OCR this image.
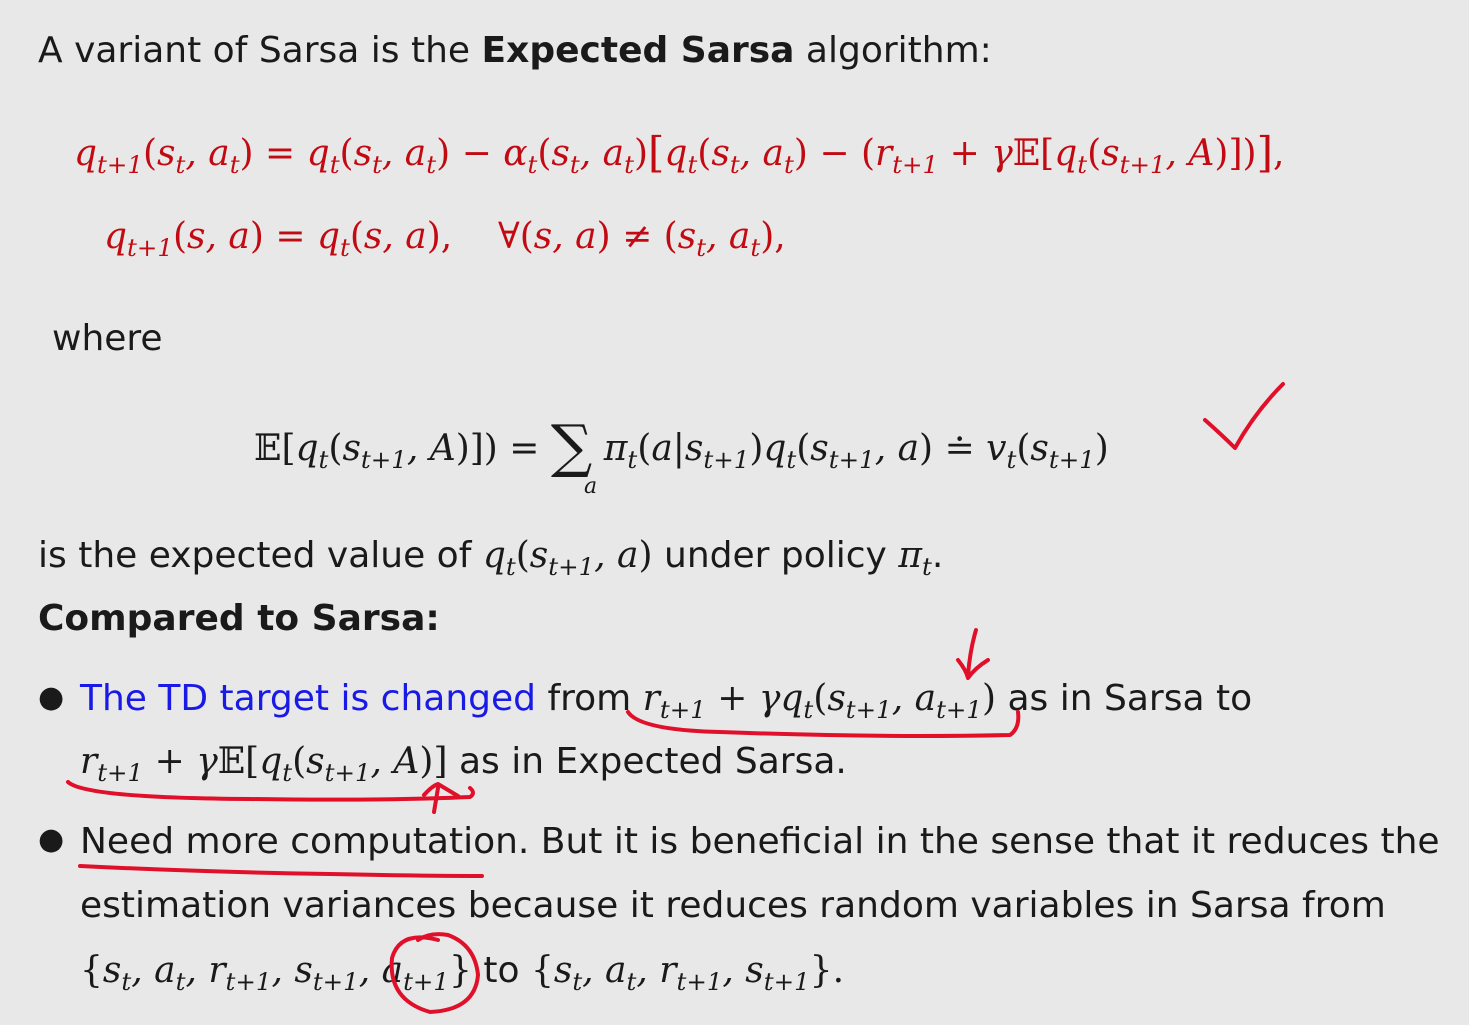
A variant of Sarsa is the Expected Sarsa algorithm:
$q_{t+1}(s_t$, $a_t) = q_t(s_t$, $a_t) - \alpha_t(s_t$, $a_t)[q_t(s_t$, $a_t) - (r_{t+1}$ + $\gamma 𝔼[q_t(s_{t+1}$, A)])],
$q_{t+1}(s$, $a) = q_t(s$, a),    ∀(s, $a) \ne (s_t$, $a_t$),
where
$𝔼[q_t(s_{t+1}$, A)]) = ∑ $\pi_t(a|s_{t+1})q_t(s_{t+1}$, a) ≐ $v_t(s_{t+1})$
a
is the expected value of $q_t(s_{t+1}$, a) under policy $\pi_t$.
Compared to Sarsa:
● The TD target is changed from $r_{t+1} + \gamma q_t(s_{t+1}$, $a_{t+1}$) as in Sarsa to
$r_{t+1}$ + $\gamma 𝔼[q_t(s_{t+1}$, A)] as in Expected Sarsa.
● Need more computation. But it is beneficial in the sense that it reduces the
estimation variances because it reduces random variables in Sarsa from
{$s_t$, $a_t$, $r_{t+1}$, $s_{t+1}$, $a_{t+1}$} to {$s_t$, $a_t$, $r_{t+1}$, $s_{t+1}$}.
